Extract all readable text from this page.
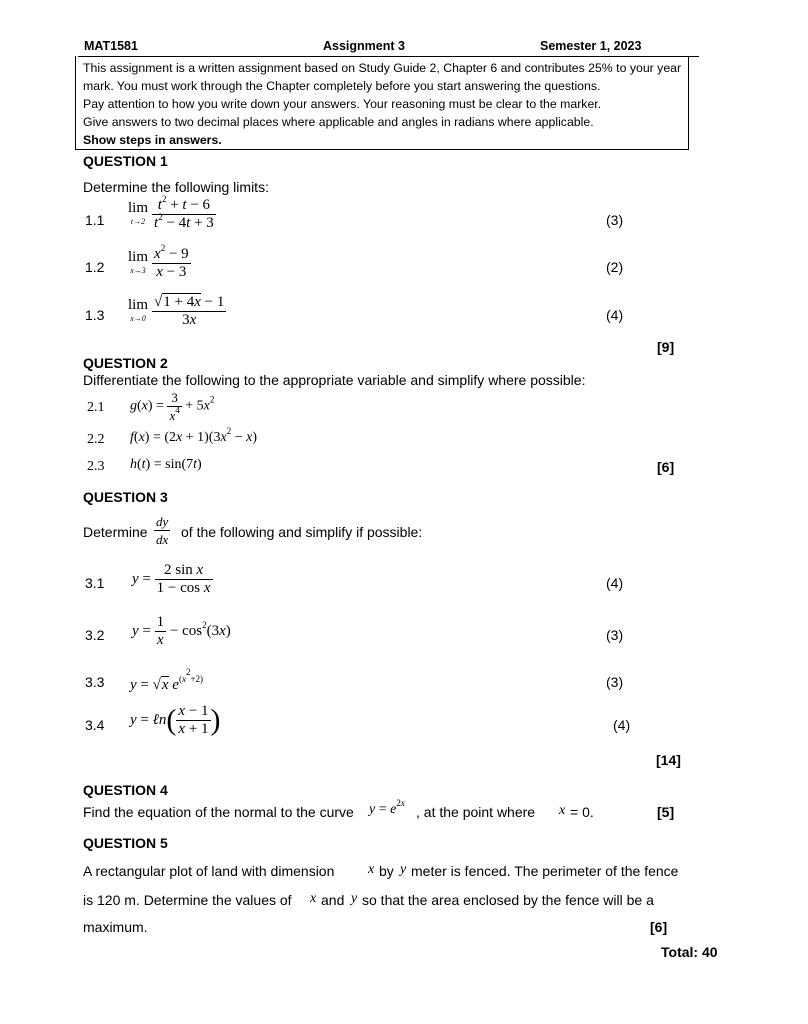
MAT1581	Assignment 3	Semester 1, 2023
This assignment is a written assignment based on Study Guide 2, Chapter 6 and contributes 25% to your year
mark. You must work through the Chapter completely before you start answering the questions.
Pay attention to how you write down your answers. Your reasoning must be clear to the marker.
Give answers to two decimal places where applicable and angles in radians where applicable.
Show steps in answers.
QUESTION 1
Determine the following limits:
1.1
lim
$t\to 2 \frac{t^2 + t - 6}{t^2 - 4t + 3}$	(3)
1.2
lim
$x\to 3 \frac{x^2 - 9}{x - 3}$	(2)
1.3
lim
$x\to 0 \frac{√1 + 4x - 1}{3x}$	(4)
[9]
QUESTION 2
Differentiate the following to the appropriate variable and simplify where possible:
2.1 $g(x) = \frac{3}{x^4} + 5x^2$
2.2 $f(x) = (2x + 1)(3x^2 - x)$
2.3 h(t) = sin(7t)	[6]
QUESTION 3
Determine $\frac{dy}{dx}$ of the following and simplify if possible:
3.1 $y = \frac{\text{2 sin x}}{\text{1 − cos x}}$	(4)
3.2 $y = \frac{1}{x} - \cos^2(3x)$	(3)
3.3 y = √x $e^{(x^2+2)}$	(3)
3.4 y = ℓn( $\frac{x - 1}{x + 1}$ )	(4)
[14]
QUESTION 4
Find the equation of the normal to the curve $y = e^{2x}$
, at the point where x = 0.	[5]
QUESTION 5
A rectangular plot of land with dimension x by y meter is fenced. The perimeter of the fence
is 120 m. Determine the values of x and y so that the area enclosed by the fence will be a
maximum.	[6]
Total: 40
